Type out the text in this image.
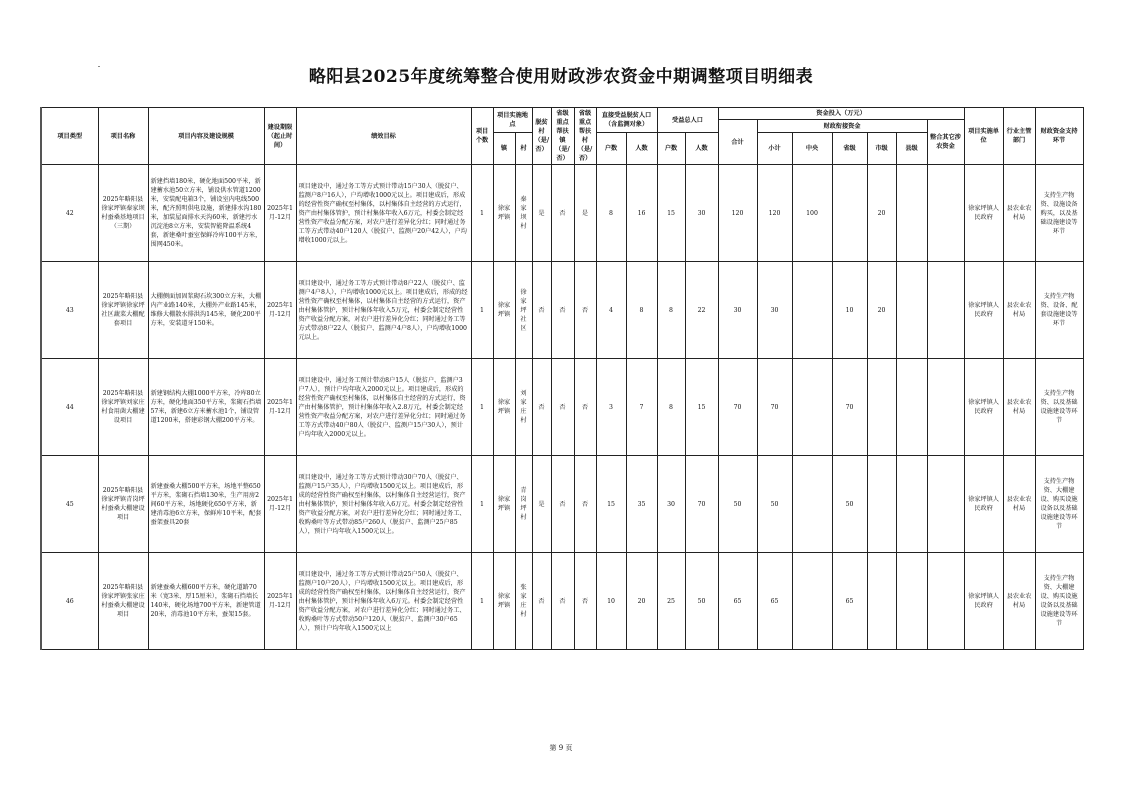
略阳县2025年度统筹整合使用财政涉农资金中期调整项目明细表
项目类型	项目名称	项目内容及建设规模	建设期限（起止时间）	绩效目标	项目个数	项目实施地点		脱贫村（是/否）	省级重点帮扶镇（是/否）	省级重点帮扶村（是/否）	直接受益脱贫人口（含监测对象）		受益总人口		资金投入（万元）							项目实施单位	行业主管部门	财政资金支持环节
															合计	财政衔接资金					整合其它涉农资金			
						镇	村				户数	人数	户数	人数		小计	中央	省级	市级	县级				
42	2025年略阳县徐家坪镇秦家坝村蚕桑基地项目（三期）	新建挡墙180米，硬化地面500平米，新建蓄水池50立方米，铺设供水管道1200米，安装配电箱3个，铺设室内电线500米，配齐照明供电设施，新建排水沟180米，加装屋面排水天沟60米，新建污水沉淀池8立方米，安装智能降温系统4套，新建桑叶蚕室保鲜冷库100平方米，围网450米。	2025年1月-12月	项目建设中，通过务工等方式预计带动15户30人（脱贫户、监测户8户16人），户均增收1000元以上。项目建成后，形成的经营性资产确权至村集体，以村集体自主经营的方式运行，资产由村集体管护，预计村集体年收入6万元，村委会制定经营性资产收益分配方案，对农户进行差异化分红；同时通过务工等方式带动40户120人（脱贫户、监测户20户42人），户均增收1000元以上。	1	徐家坪镇	秦家坝村	是	否	是	8	16	15	30	120	120	100		20			徐家坪镇人民政府	县农业农村局	支持生产物资、设施设备购买，以及基础设施建设等环节
43	2025年略阳县徐家坪镇徐家坪社区蔬菜大棚配套项目	大棚侧面加固浆砌石坎300立方米，大棚内产业路140米，大棚外产业路145米，维修大棚散水排洪沟145米，硬化200平方米，安装道牙150米。	2025年1月-12月	项目建设中，通过务工等方式预计带动8户22人（脱贫户、监测户4户8人），户均增收1000元以上。项目建成后，形成的经营性资产确权至村集体，以村集体自主经营的方式运行，资产由村集体管护，预计村集体年收入5万元，村委会制定经营性资产收益分配方案，对农户进行差异化分红；同时通过务工等方式带动8户22人（脱贫户、监测户4户8人），户均增收1000元以上。	1	徐家坪镇	徐家坪社区	否	否	否	4	8	8	22	30	30		10	20			徐家坪镇人民政府	县农业农村局	支持生产物资、设备、配套设施建设等环节
44	2025年略阳县徐家坪镇刘家庄村食用菌大棚建设项目	新建钢结构大棚1000平方米，冷库80立方米，硬化地面350平方米，浆砌石挡墙57米，新建6立方米蓄水池1个，铺设管道1200米，搭建彩钢大棚200平方米。	2025年1月-12月	项目建设中，通过务工预计带动8户15人（脱贫户、监测户3户7人），预计户均年收入2000元以上。项目建成后，形成的经营性资产确权至村集体，以村集体自主经营的方式运行，资产由村集体管护，预计村集体年收入2.8万元，村委会制定经营性资产收益分配方案，对农户进行差异化分红；同时通过务工等方式带动40户80人（脱贫户、监测户15户30人），预计户均年收入2000元以上。	1	徐家坪镇	刘家庄村	否	否	否	3	7	8	15	70	70		70				徐家坪镇人民政府	县农业农村局	支持生产物资、以及基础设施建设等环节
45	2025年略阳县徐家坪镇青岗坪村蚕桑大棚建设项目	新建蚕桑大棚500平方米，场地平整650平方米，浆砌石挡墙130米，生产用房2间60平方米，场地硬化650平方米，新建消毒池6立方米，保鲜库10平米，配套蚕架蚕具20套	2025年1月-12月	项目建设中，通过务工等方式预计带动30户70人（脱贫户、监测户15户35人），户均增收1500元以上。项目建成后，形成的经营性资产确权至村集体，以村集体自主经营运行，资产由村集体管护，预计村集体年收入6万元。村委会制定经营性资产收益分配方案，对农户进行差异化分红；同时通过务工、收购桑叶等方式带动85户260人（脱贫户、监测户25户85人），预计户均年收入1500元以上。	1	徐家坪镇	青岗坪村	是	否	否	15	35	30	70	50	50		50				徐家坪镇人民政府	县农业农村局	支持生产物资、大棚建设、购买设施设备以及基础设施建设等环节
46	2025年略阳县徐家坪镇张家庄村蚕桑大棚建设项目	新建蚕桑大棚600平方米，硬化道路70米（宽3米、厚15厘米），浆砌石挡墙长140米，硬化场地700平方米，新建管道20米，消毒池10平方米，蚕架15套。	2025年1月-12月	项目建设中，通过务工等方式预计带动25户50人（脱贫户、监测户10户20人），户均增收1500元以上。项目建成后，形成的经营性资产确权至村集体，以村集体自主经营运行，资产由村集体管护，预计村集体年收入6万元。村委会制定经营性资产收益分配方案，对农户进行差异化分红；同时通过务工、收购桑叶等方式带动50户120人（脱贫户、监测户30户65人），预计户均年收入1500元以上	1	徐家坪镇	张家庄村	否	否	否	10	20	25	50	65	65		65				徐家坪镇人民政府	县农业农村局	支持生产物资、大棚建设、购买设施设备以及基础设施建设等环节
第 9 页
